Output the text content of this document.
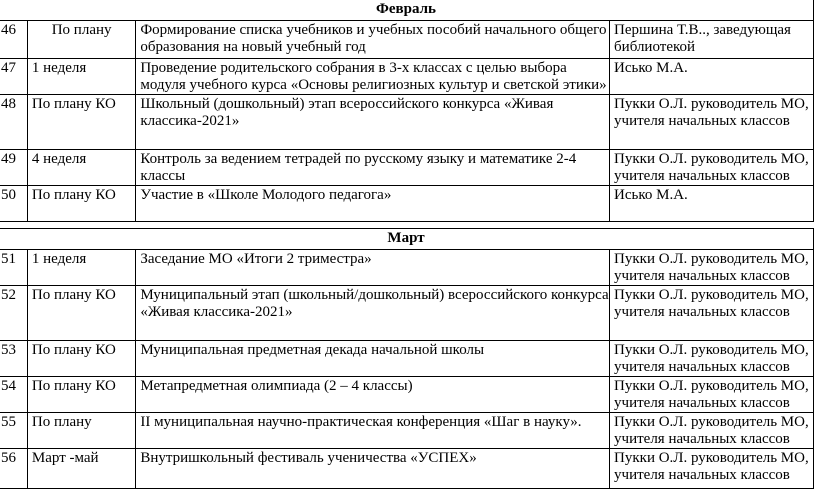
Февраль			
46	По плану	Формирование списка учебников и учебных пособий начального общего образования на новый учебный год	Першина Т.В.., заведующая библиотекой
47	1 неделя	Проведение родительского собрания в 3-х классах с целью выбора модуля учебного курса «Основы религиозных культур и светской этики»	Исько М.А.
48	По плану КО	Школьный (дошкольный) этап всероссийского конкурса «Живая классика-2021»	Пукки О.Л. руководитель МО, учителя начальных классов
49	4 неделя	Контроль за ведением тетрадей по русскому языку и математике 2-4 классы	Пукки О.Л. руководитель МО, учителя начальных классов
50	По плану КО	Участие в «Школе Молодого педагога»	Исько М.А.

Март			
51	1 неделя	Заседание МО «Итоги 2 триместра»	Пукки О.Л. руководитель МО, учителя начальных классов
52	По плану КО	Муниципальный этап (школьный/дошкольный) всероссийского конкурса «Живая классика-2021»	Пукки О.Л. руководитель МО, учителя начальных классов
53	По плану КО	Муниципальная предметная декада начальной школы	Пукки О.Л. руководитель МО, учителя начальных классов
54	По плану КО	Метапредметная олимпиада (2 – 4 классы)	Пукки О.Л. руководитель МО, учителя начальных классов
55	По плану	II муниципальная научно-практическая конференция «Шаг в науку».	Пукки О.Л. руководитель МО, учителя начальных классов
56	Март -май	Внутришкольный фестиваль ученичества «УСПЕХ»	Пукки О.Л. руководитель МО, учителя начальных классов
